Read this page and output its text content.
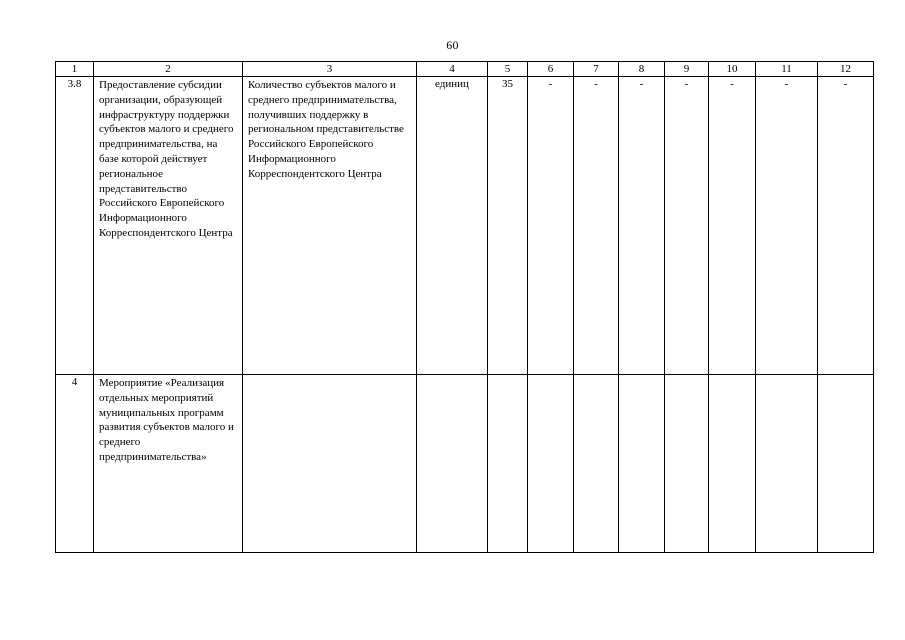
60
1	2	3	4	5	6	7	8	9	10	11	12
3.8	Предоставление субсидии организации, образующей инфраструктуру поддержки субъектов малого и среднего предпринимательства, на базе которой действует региональное представительство Российского Европейского Информационного Корреспондентского Центра	Количество субъектов малого и среднего предпринимательства, получивших поддержку в региональном представительстве Российского Европейского Информационного Корреспондентского Центра	единиц	35	-	-	-	-	-	-	-
4	Мероприятие «Реализация отдельных мероприятий муниципальных программ развития субъектов малого и среднего предпринимательства»										
